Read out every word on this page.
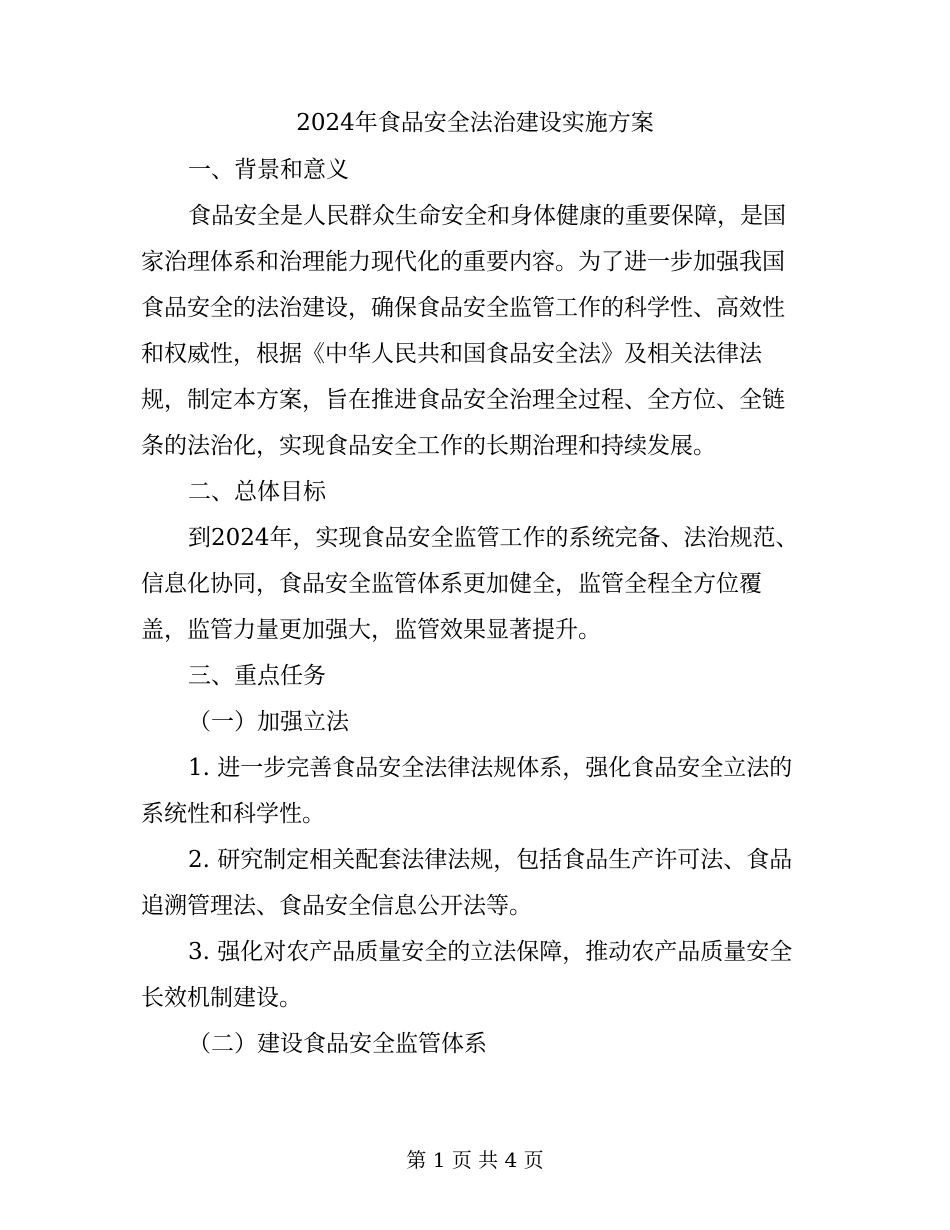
2024年食品安全法治建设实施方案
一、背景和意义
食品安全是人民群众生命安全和身体健康的重要保障，是国
家治理体系和治理能力现代化的重要内容。为了进一步加强我国
食品安全的法治建设，确保食品安全监管工作的科学性、高效性
和权威性，根据《中华人民共和国食品安全法》及相关法律法
规，制定本方案，旨在推进食品安全治理全过程、全方位、全链
条的法治化，实现食品安全工作的长期治理和持续发展。
二、总体目标
到2024年，实现食品安全监管工作的系统完备、法治规范、
信息化协同，食品安全监管体系更加健全，监管全程全方位覆
盖，监管力量更加强大，监管效果显著提升。
三、重点任务
（一）加强立法
1. 进一步完善食品安全法律法规体系，强化食品安全立法的
系统性和科学性。
2. 研究制定相关配套法律法规，包括食品生产许可法、食品
追溯管理法、食品安全信息公开法等。
3. 强化对农产品质量安全的立法保障，推动农产品质量安全
长效机制建设。
（二）建设食品安全监管体系
第 1 页 共 4 页
